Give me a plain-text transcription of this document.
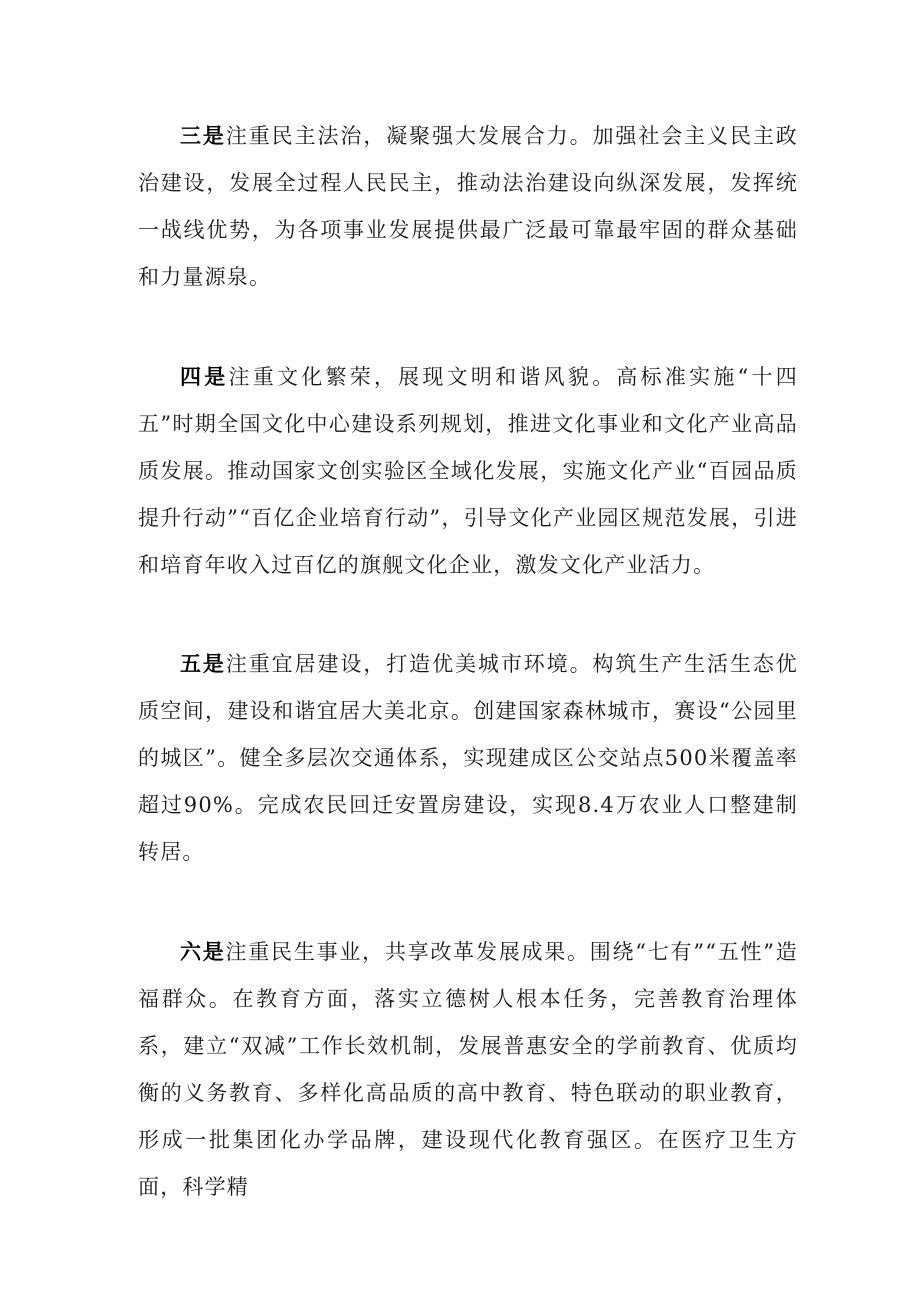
三是注重民主法治，凝聚强大发展合力。加强社会主义民主政治建设，发展全过程人民民主，推动法治建设向纵深发展，发挥统一战线优势，为各项事业发展提供最广泛最可靠最牢固的群众基础和力量源泉。

四是注重文化繁荣，展现文明和谐风貌。高标准实施“十四五”时期全国文化中心建设系列规划，推进文化事业和文化产业高品质发展。推动国家文创实验区全域化发展，实施文化产业“百园品质提升行动”“百亿企业培育行动”，引导文化产业园区规范发展，引进和培育年收入过百亿的旗舰文化企业，激发文化产业活力。

五是注重宜居建设，打造优美城市环境。构筑生产生活生态优质空间，建设和谐宜居大美北京。创建国家森林城市，赛设“公园里的城区”。健全多层次交通体系，实现建成区公交站点500米覆盖率超过90%。完成农民回迁安置房建设，实现8.4万农业人口整建制转居。

六是注重民生事业，共享改革发展成果。围绕“七有”“五性”造福群众。在教育方面，落实立德树人根本任务，完善教育治理体系，建立“双减”工作长效机制，发展普惠安全的学前教育、优质均衡的义务教育、多样化高品质的高中教育、特色联动的职业教育，形成一批集团化办学品牌，建设现代化教育强区。在医疗卫生方面，科学精
